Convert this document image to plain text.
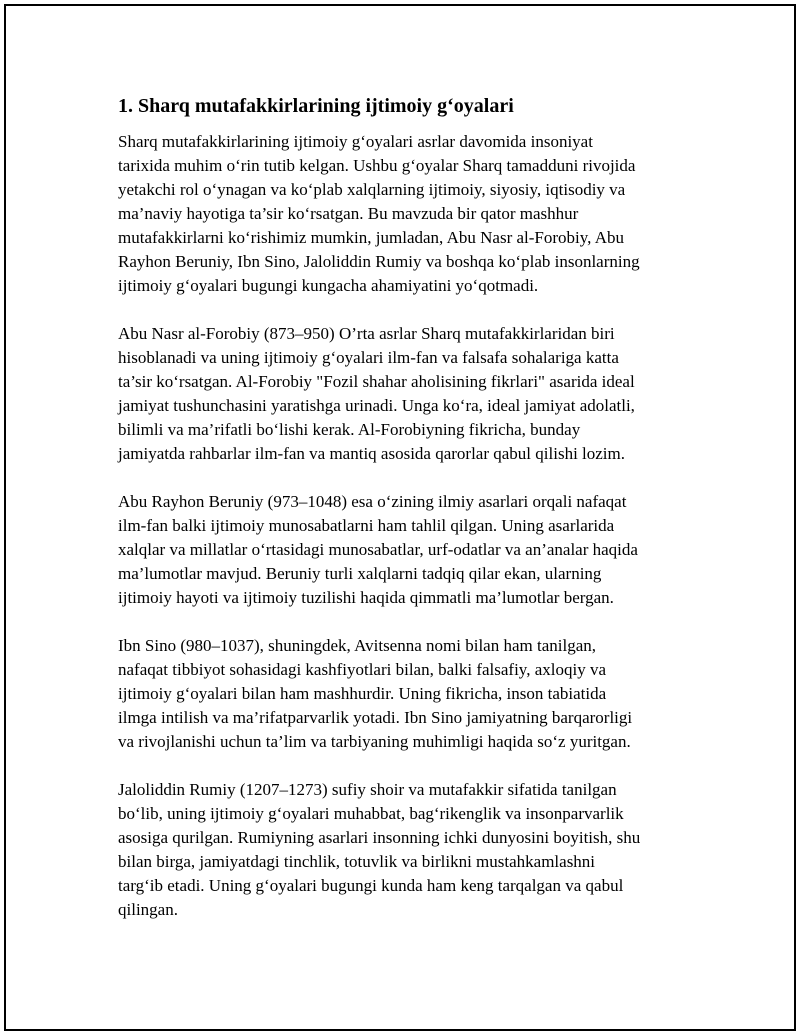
1. Sharq mutafakkirlarining ijtimoiy g‘oyalari

Sharq mutafakkirlarining ijtimoiy g‘oyalari asrlar davomida insoniyat
tarixida muhim o‘rin tutib kelgan. Ushbu g‘oyalar Sharq tamadduni rivojida
yetakchi rol o‘ynagan va ko‘plab xalqlarning ijtimoiy, siyosiy, iqtisodiy va
ma’naviy hayotiga ta’sir ko‘rsatgan. Bu mavzuda bir qator mashhur
mutafakkirlarni ko‘rishimiz mumkin, jumladan, Abu Nasr al-Forobiy, Abu
Rayhon Beruniy, Ibn Sino, Jaloliddin Rumiy va boshqa ko‘plab insonlarning
ijtimoiy g‘oyalari bugungi kungacha ahamiyatini yo‘qotmadi.

Abu Nasr al-Forobiy (873–950) O’rta asrlar Sharq mutafakkirlaridan biri
hisoblanadi va uning ijtimoiy g‘oyalari ilm-fan va falsafa sohalariga katta
ta’sir ko‘rsatgan. Al-Forobiy "Fozil shahar aholisining fikrlari" asarida ideal
jamiyat tushunchasini yaratishga urinadi. Unga ko‘ra, ideal jamiyat adolatli,
bilimli va ma’rifatli bo‘lishi kerak. Al-Forobiyning fikricha, bunday
jamiyatda rahbarlar ilm-fan va mantiq asosida qarorlar qabul qilishi lozim.

Abu Rayhon Beruniy (973–1048) esa o‘zining ilmiy asarlari orqali nafaqat
ilm-fan balki ijtimoiy munosabatlarni ham tahlil qilgan. Uning asarlarida
xalqlar va millatlar o‘rtasidagi munosabatlar, urf-odatlar va an’analar haqida
ma’lumotlar mavjud. Beruniy turli xalqlarni tadqiq qilar ekan, ularning
ijtimoiy hayoti va ijtimoiy tuzilishi haqida qimmatli ma’lumotlar bergan.

Ibn Sino (980–1037), shuningdek, Avitsenna nomi bilan ham tanilgan,
nafaqat tibbiyot sohasidagi kashfiyotlari bilan, balki falsafiy, axloqiy va
ijtimoiy g‘oyalari bilan ham mashhurdir. Uning fikricha, inson tabiatida
ilmga intilish va ma’rifatparvarlik yotadi. Ibn Sino jamiyatning barqarorligi
va rivojlanishi uchun ta’lim va tarbiyaning muhimligi haqida so‘z yuritgan.

Jaloliddin Rumiy (1207–1273) sufiy shoir va mutafakkir sifatida tanilgan
bo‘lib, uning ijtimoiy g‘oyalari muhabbat, bag‘rikenglik va insonparvarlik
asosiga qurilgan. Rumiyning asarlari insonning ichki dunyosini boyitish, shu
bilan birga, jamiyatdagi tinchlik, totuvlik va birlikni mustahkamlashni
targ‘ib etadi. Uning g‘oyalari bugungi kunda ham keng tarqalgan va qabul
qilingan.
